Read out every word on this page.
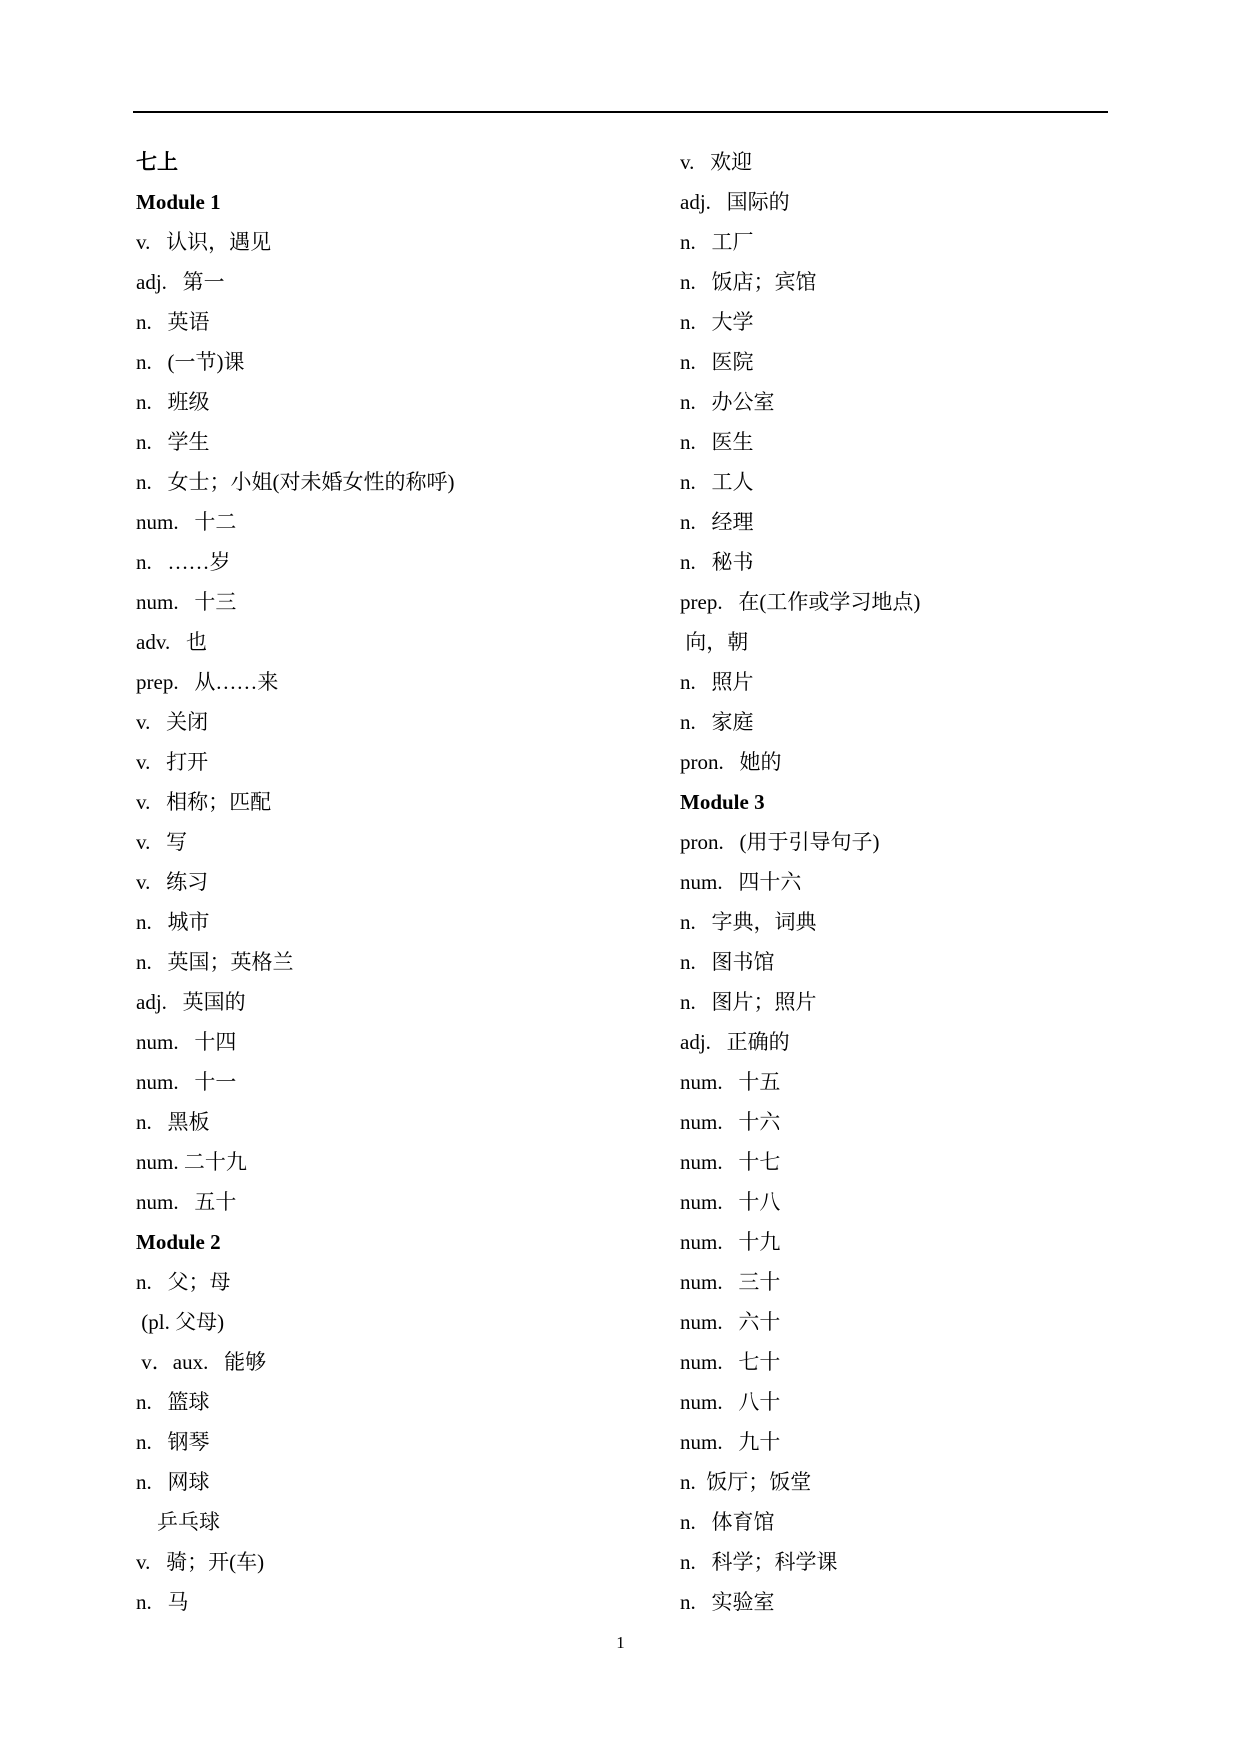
七上
Module 1
v. 认识，遇见
adj. 第一
n. 英语
n. (一节)课
n. 班级
n. 学生
n. 女士；小姐(对未婚女性的称呼)
num. 十二
n. ……岁
num. 十三
adv. 也
prep. 从……来
v. 关闭
v. 打开
v. 相称；匹配
v. 写
v. 练习
n. 城市
n. 英国；英格兰
adj. 英国的
num. 十四
num. 十一
n. 黑板
num. 二十九
num. 五十
Module 2
n. 父；母
(pl. 父母)
v．aux. 能够
n. 篮球
n. 钢琴
n. 网球
乒乓球
v. 骑；开(车)
n. 马
v. 欢迎
adj. 国际的
n. 工厂
n. 饭店；宾馆
n. 大学
n. 医院
n. 办公室
n. 医生
n. 工人
n. 经理
n. 秘书
prep. 在(工作或学习地点)
向，朝
n. 照片
n. 家庭
pron. 她的
Module 3
pron. (用于引导句子)
num. 四十六
n. 字典，词典
n. 图书馆
n. 图片；照片
adj. 正确的
num. 十五
num. 十六
num. 十七
num. 十八
num. 十九
num. 三十
num. 六十
num. 七十
num. 八十
num. 九十
n. 饭厅；饭堂
n. 体育馆
n. 科学；科学课
n. 实验室
1
